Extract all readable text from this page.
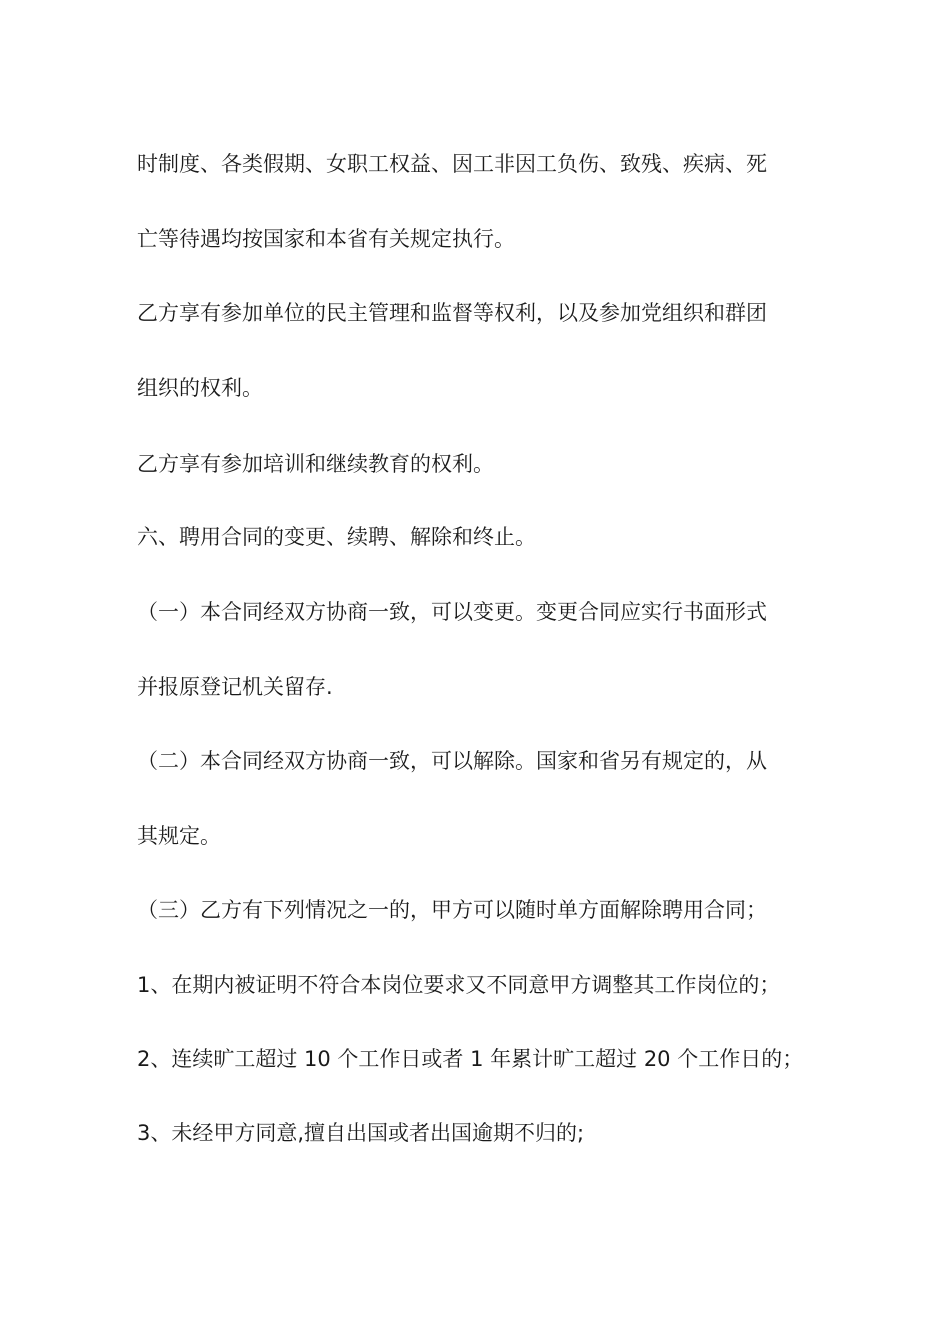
时制度、各类假期、女职工权益、因工非因工负伤、致残、疾病、死
亡等待遇均按国家和本省有关规定执行。
乙方享有参加单位的民主管理和监督等权利，以及参加党组织和群团
组织的权利。
乙方享有参加培训和继续教育的权利。
六、聘用合同的变更、续聘、解除和终止。
（一）本合同经双方协商一致，可以变更。变更合同应实行书面形式
并报原登记机关留存.
（二）本合同经双方协商一致，可以解除。国家和省另有规定的，从
其规定。
（三）乙方有下列情况之一的，甲方可以随时单方面解除聘用合同；
1、在期内被证明不符合本岗位要求又不同意甲方调整其工作岗位的；
2、连续旷工超过 10 个工作日或者 1 年累计旷工超过 20 个工作日的；
3、未经甲方同意,擅自出国或者出国逾期不归的;
